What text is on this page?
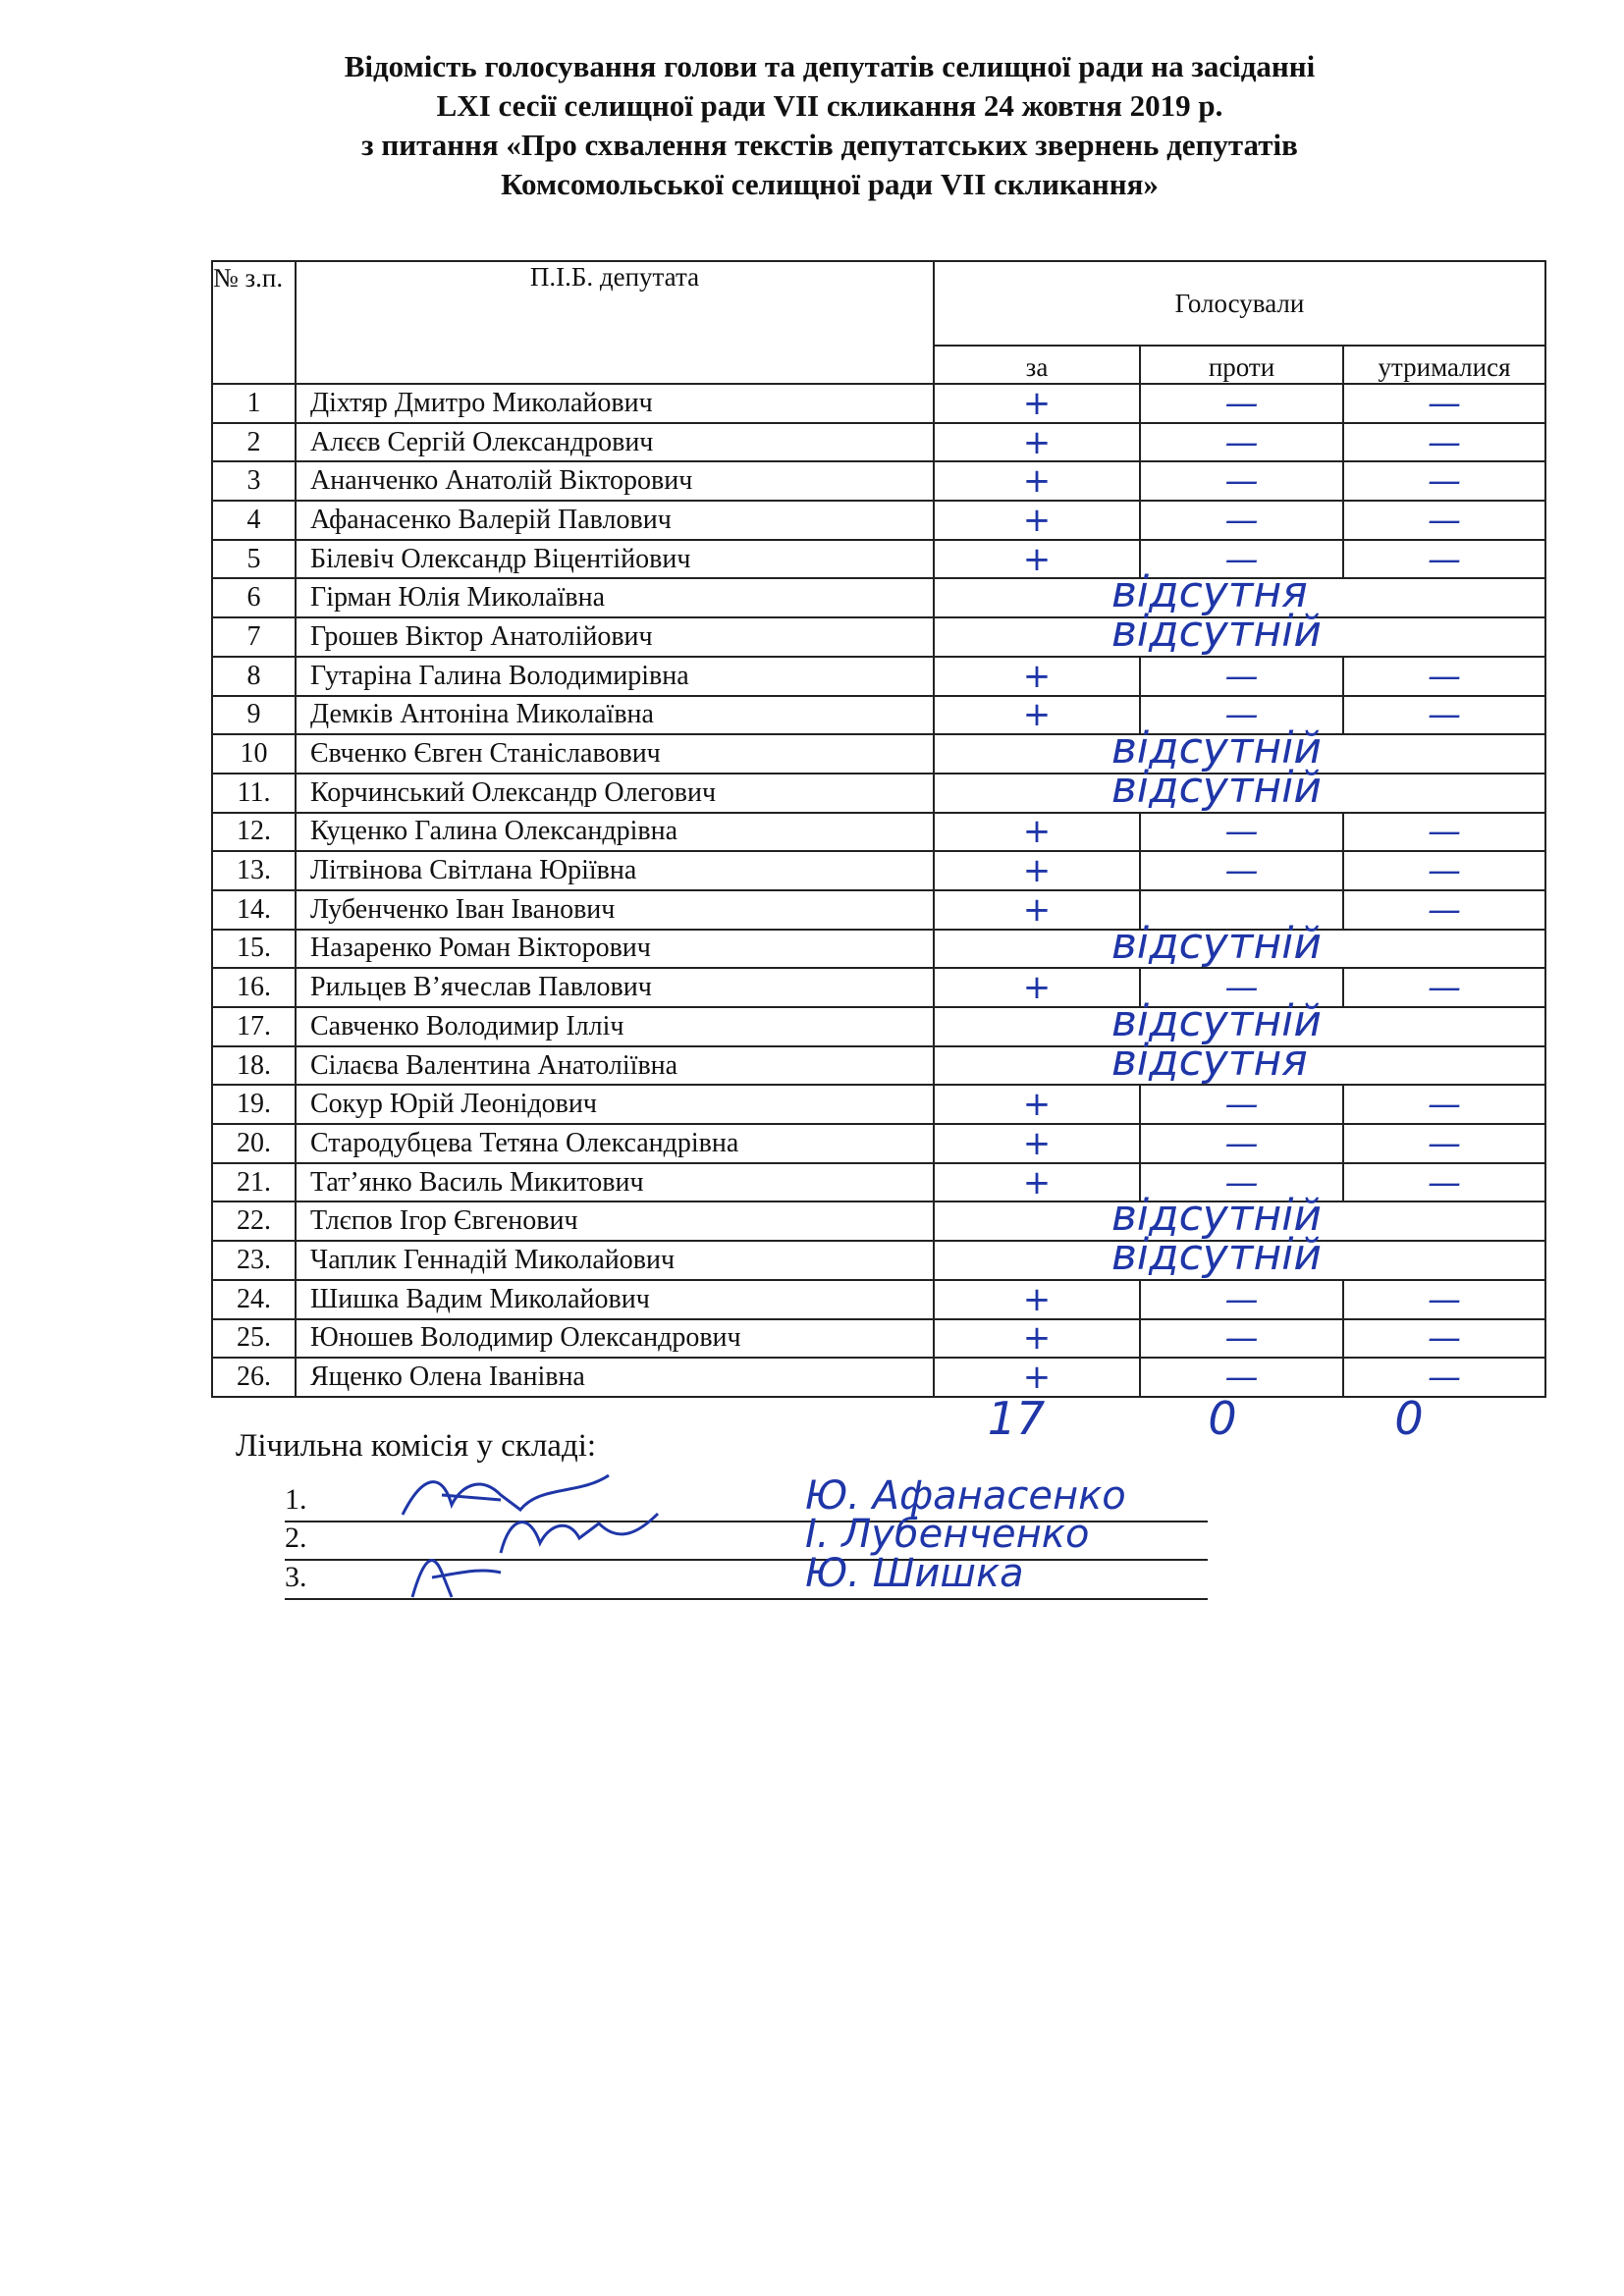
Відомість голосування голови та депутатів селищної ради на засіданні
LXI сесії селищної ради VII скликання 24 жовтня 2019 р.
з питання «Про схвалення текстів депутатських звернень депутатів
Комсомольської селищної ради VII скликання»
№ з.п.	П.І.Б. депутата	Голосували		
		за	проти	утрималися
1	Діхтяр Дмитро Миколайович	+	—	—
2	Алєєв Сергій Олександрович	+	—	—
3	Ананченко Анатолій Вікторович	+	—	—
4	Афанасенко Валерій Павлович	+	—	—
5	Білевіч Олександр Віцентійович	+	—	—
6	Гірман Юлія Миколаївна	відсутня		

7	Грошев Віктор Анатолійович	відсутній		

8	Гутаріна Галина Володимирівна	+	—	—
9	Демків Антоніна Миколаївна	+	—	—
10	Євченко Євген Станіславович	відсутній		

11.	Корчинський Олександр Олегович	відсутній		

12.	Куценко Галина Олександрівна	+	—	—
13.	Літвінова Світлана Юріївна	+	—	—
14.	Лубенченко Іван Іванович	+		—
15.	Назаренко Роман Вікторович	відсутній		

16.	Рильцев В’ячеслав Павлович	+	—	—
17.	Савченко Володимир Ілліч	відсутній		

18.	Сілаєва Валентина Анатоліївна	відсутня		

19.	Сокур Юрій Леонідович	+	—	—
20.	Стародубцева Тетяна Олександрівна	+	—	—
21.	Тат’янко Василь Микитович	+	—	—
22.	Тлєпов Ігор Євгенович	відсутній		

23.	Чаплик Геннадій Миколайович	відсутній		

24.	Шишка Вадим Миколайович	+	—	—
25.	Юношев Володимир Олександрович	+	—	—
26.	Ященко Олена Іванівна	+	—	—
17	0	0
Лічильна комісія у складі:
1.	Ю. Афанасенко
2.	І. Лубенченко
3.	Ю. Шишка
